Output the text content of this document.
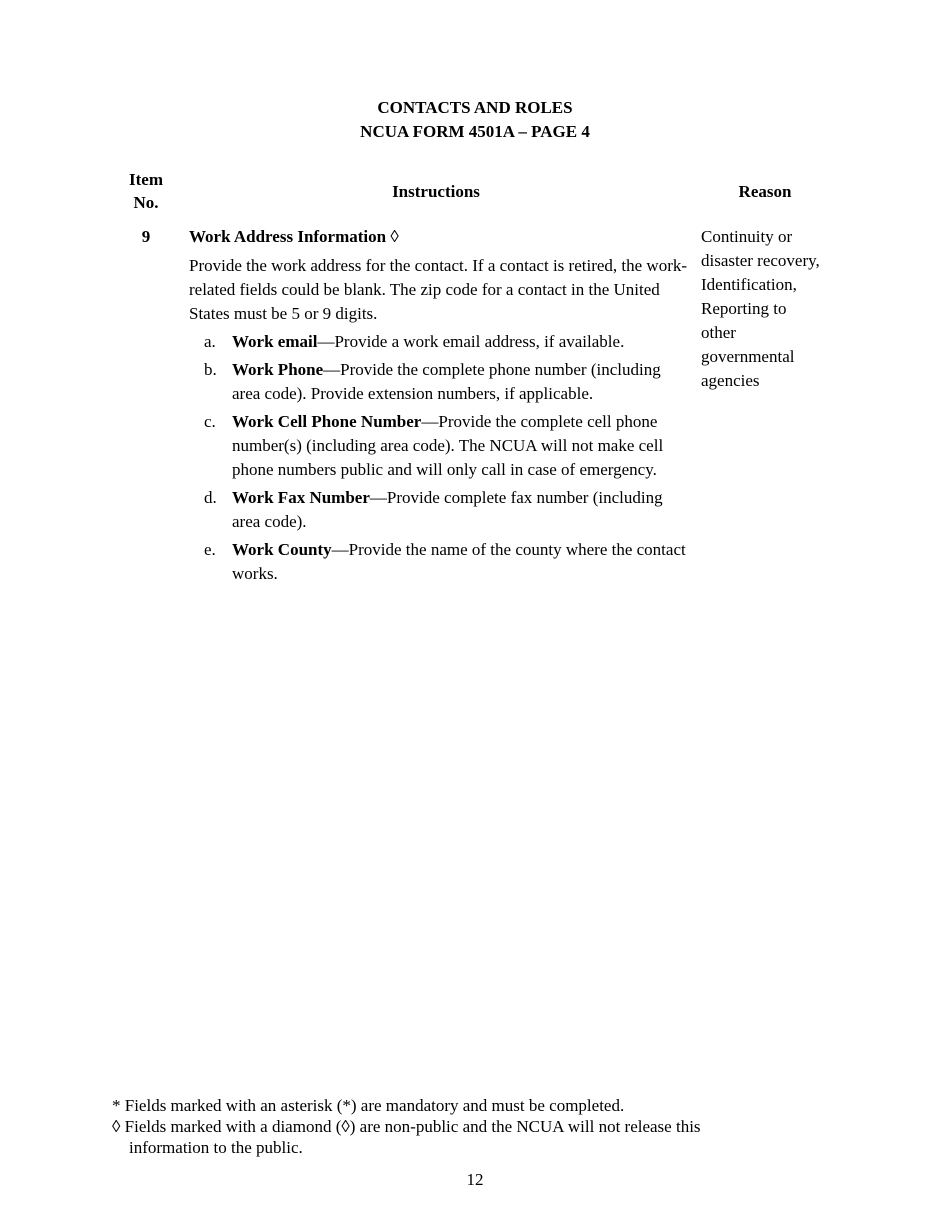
CONTACTS AND ROLES
NCUA FORM 4501A – PAGE 4
Item
No.
Instructions	Reason
9	Work Address Information ◊

Provide the work address for the contact. If a contact is retired, the work-related fields could be blank. The zip code for a contact in the United States must be 5 or 9 digits.

a. Work email—Provide a work email address, if available.
b. Work Phone—Provide the complete phone number (including area code). Provide extension numbers, if applicable.
c. Work Cell Phone Number—Provide the complete cell phone number(s) (including area code). The NCUA will not make cell phone numbers public and will only call in case of emergency.
d. Work Fax Number—Provide complete fax number (including area code).
e. Work County—Provide the name of the county where the contact works.
Continuity or disaster recovery, Identification, Reporting to other governmental agencies

* Fields marked with an asterisk (*) are mandatory and must be completed.

◊ Fields marked with a diamond (◊) are non-public and the NCUA will not release this

information to the public.

12
